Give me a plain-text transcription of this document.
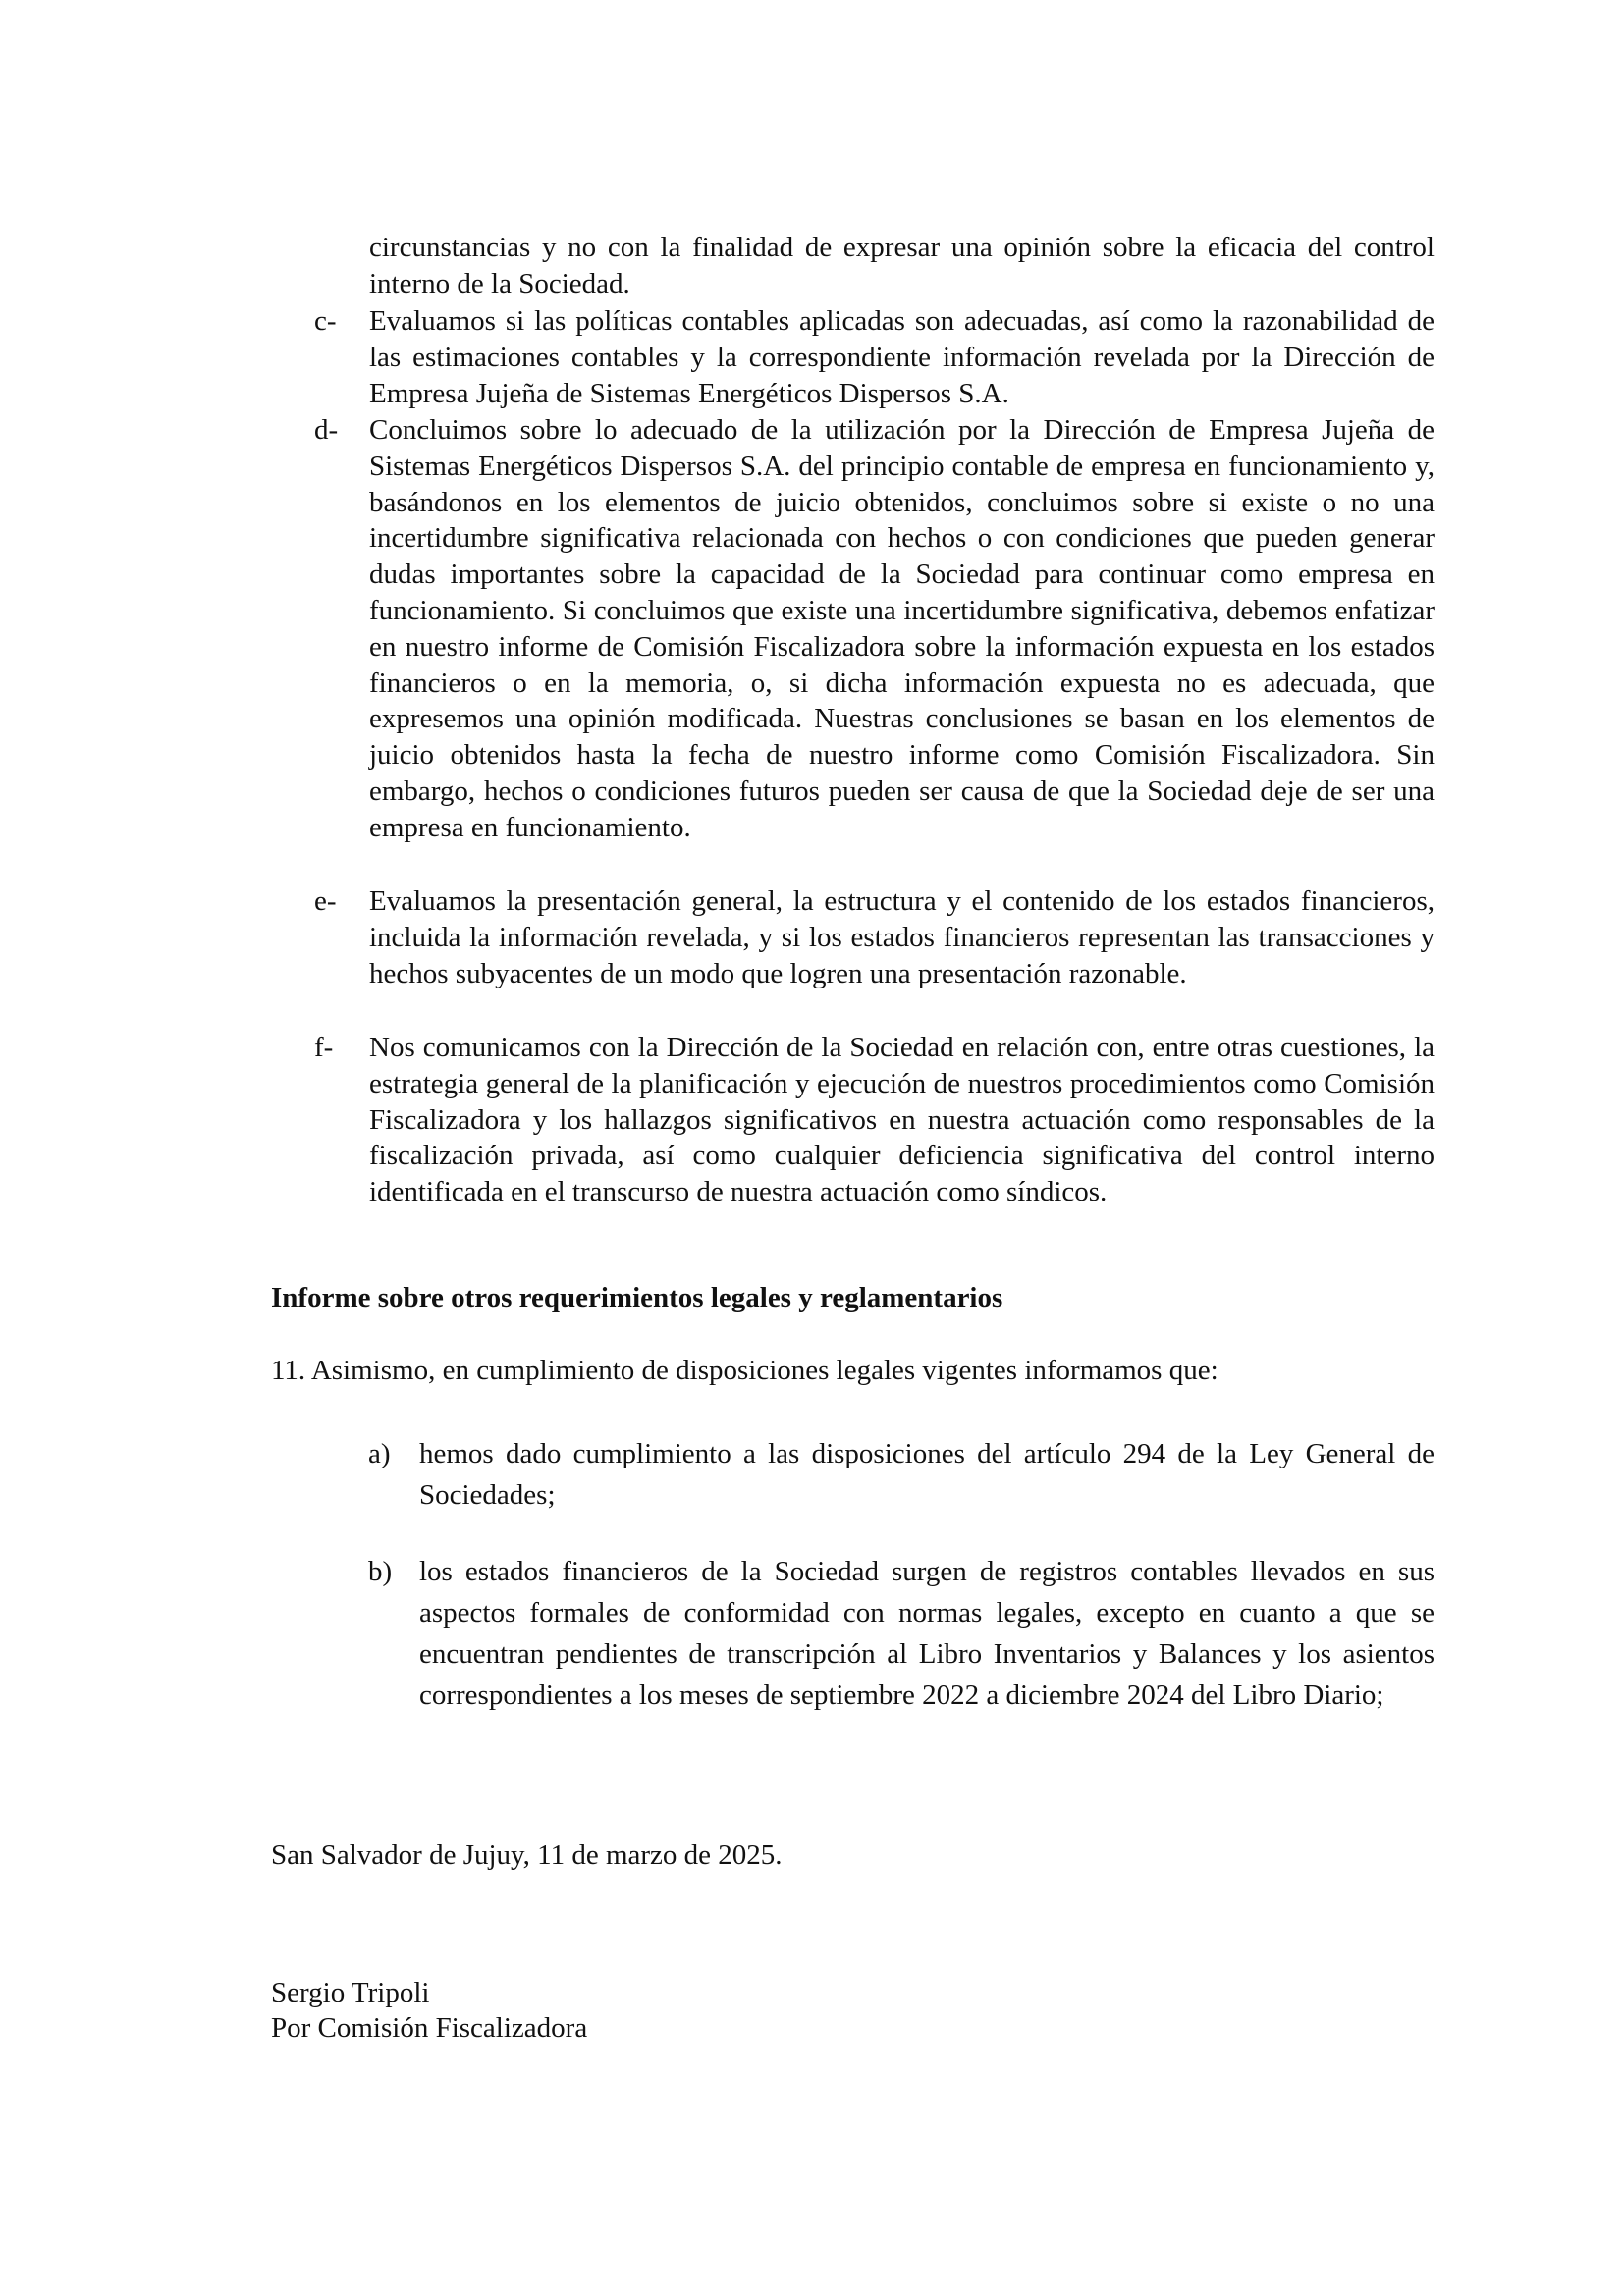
circunstancias y no con la finalidad de expresar una opinión sobre la eficacia del control interno de la Sociedad.

c-	Evaluamos si las políticas contables aplicadas son adecuadas, así como la razonabilidad de las estimaciones contables y la correspondiente información revelada por la Dirección de Empresa Jujeña de Sistemas Energéticos Dispersos S.A.
d-	Concluimos sobre lo adecuado de la utilización por la Dirección de Empresa Jujeña de Sistemas Energéticos Dispersos S.A. del principio contable de empresa en funcionamiento y, basándonos en los elementos de juicio obtenidos, concluimos sobre si existe o no una incertidumbre significativa relacionada con hechos o con condiciones que pueden generar dudas importantes sobre la capacidad de la Sociedad para continuar como empresa en funcionamiento. Si concluimos que existe una incertidumbre significativa, debemos enfatizar en nuestro informe de Comisión Fiscalizadora sobre la información expuesta en los estados financieros o en la memoria, o, si dicha información expuesta no es adecuada, que expresemos una opinión modificada. Nuestras conclusiones se basan en los elementos de juicio obtenidos hasta la fecha de nuestro informe como Comisión Fiscalizadora. Sin embargo, hechos o condiciones futuros pueden ser causa de que la Sociedad deje de ser una empresa en funcionamiento.
e-	Evaluamos la presentación general, la estructura y el contenido de los estados financieros, incluida la información revelada, y si los estados financieros representan las transacciones y hechos subyacentes de un modo que logren una presentación razonable.
f-	Nos comunicamos con la Dirección de la Sociedad en relación con, entre otras cuestiones, la estrategia general de la planificación y ejecución de nuestros procedimientos como Comisión Fiscalizadora y los hallazgos significativos en nuestra actuación como responsables de la fiscalización privada, así como cualquier deficiencia significativa del control interno identificada en el transcurso de nuestra actuación como síndicos.

Informe sobre otros requerimientos legales y reglamentarios

11. Asimismo, en cumplimiento de disposiciones legales vigentes informamos que:

a)	hemos dado cumplimiento a las disposiciones del artículo 294 de la Ley General de Sociedades;
b) los estados financieros de la Sociedad surgen de registros contables llevados en sus aspectos formales de conformidad con normas legales, excepto en cuanto a que se encuentran pendientes de transcripción al Libro Inventarios y Balances y los asientos correspondientes a los meses de septiembre 2022 a diciembre 2024 del Libro Diario;

San Salvador de Jujuy, 11 de marzo de 2025.

Sergio Tripoli
Por Comisión Fiscalizadora
